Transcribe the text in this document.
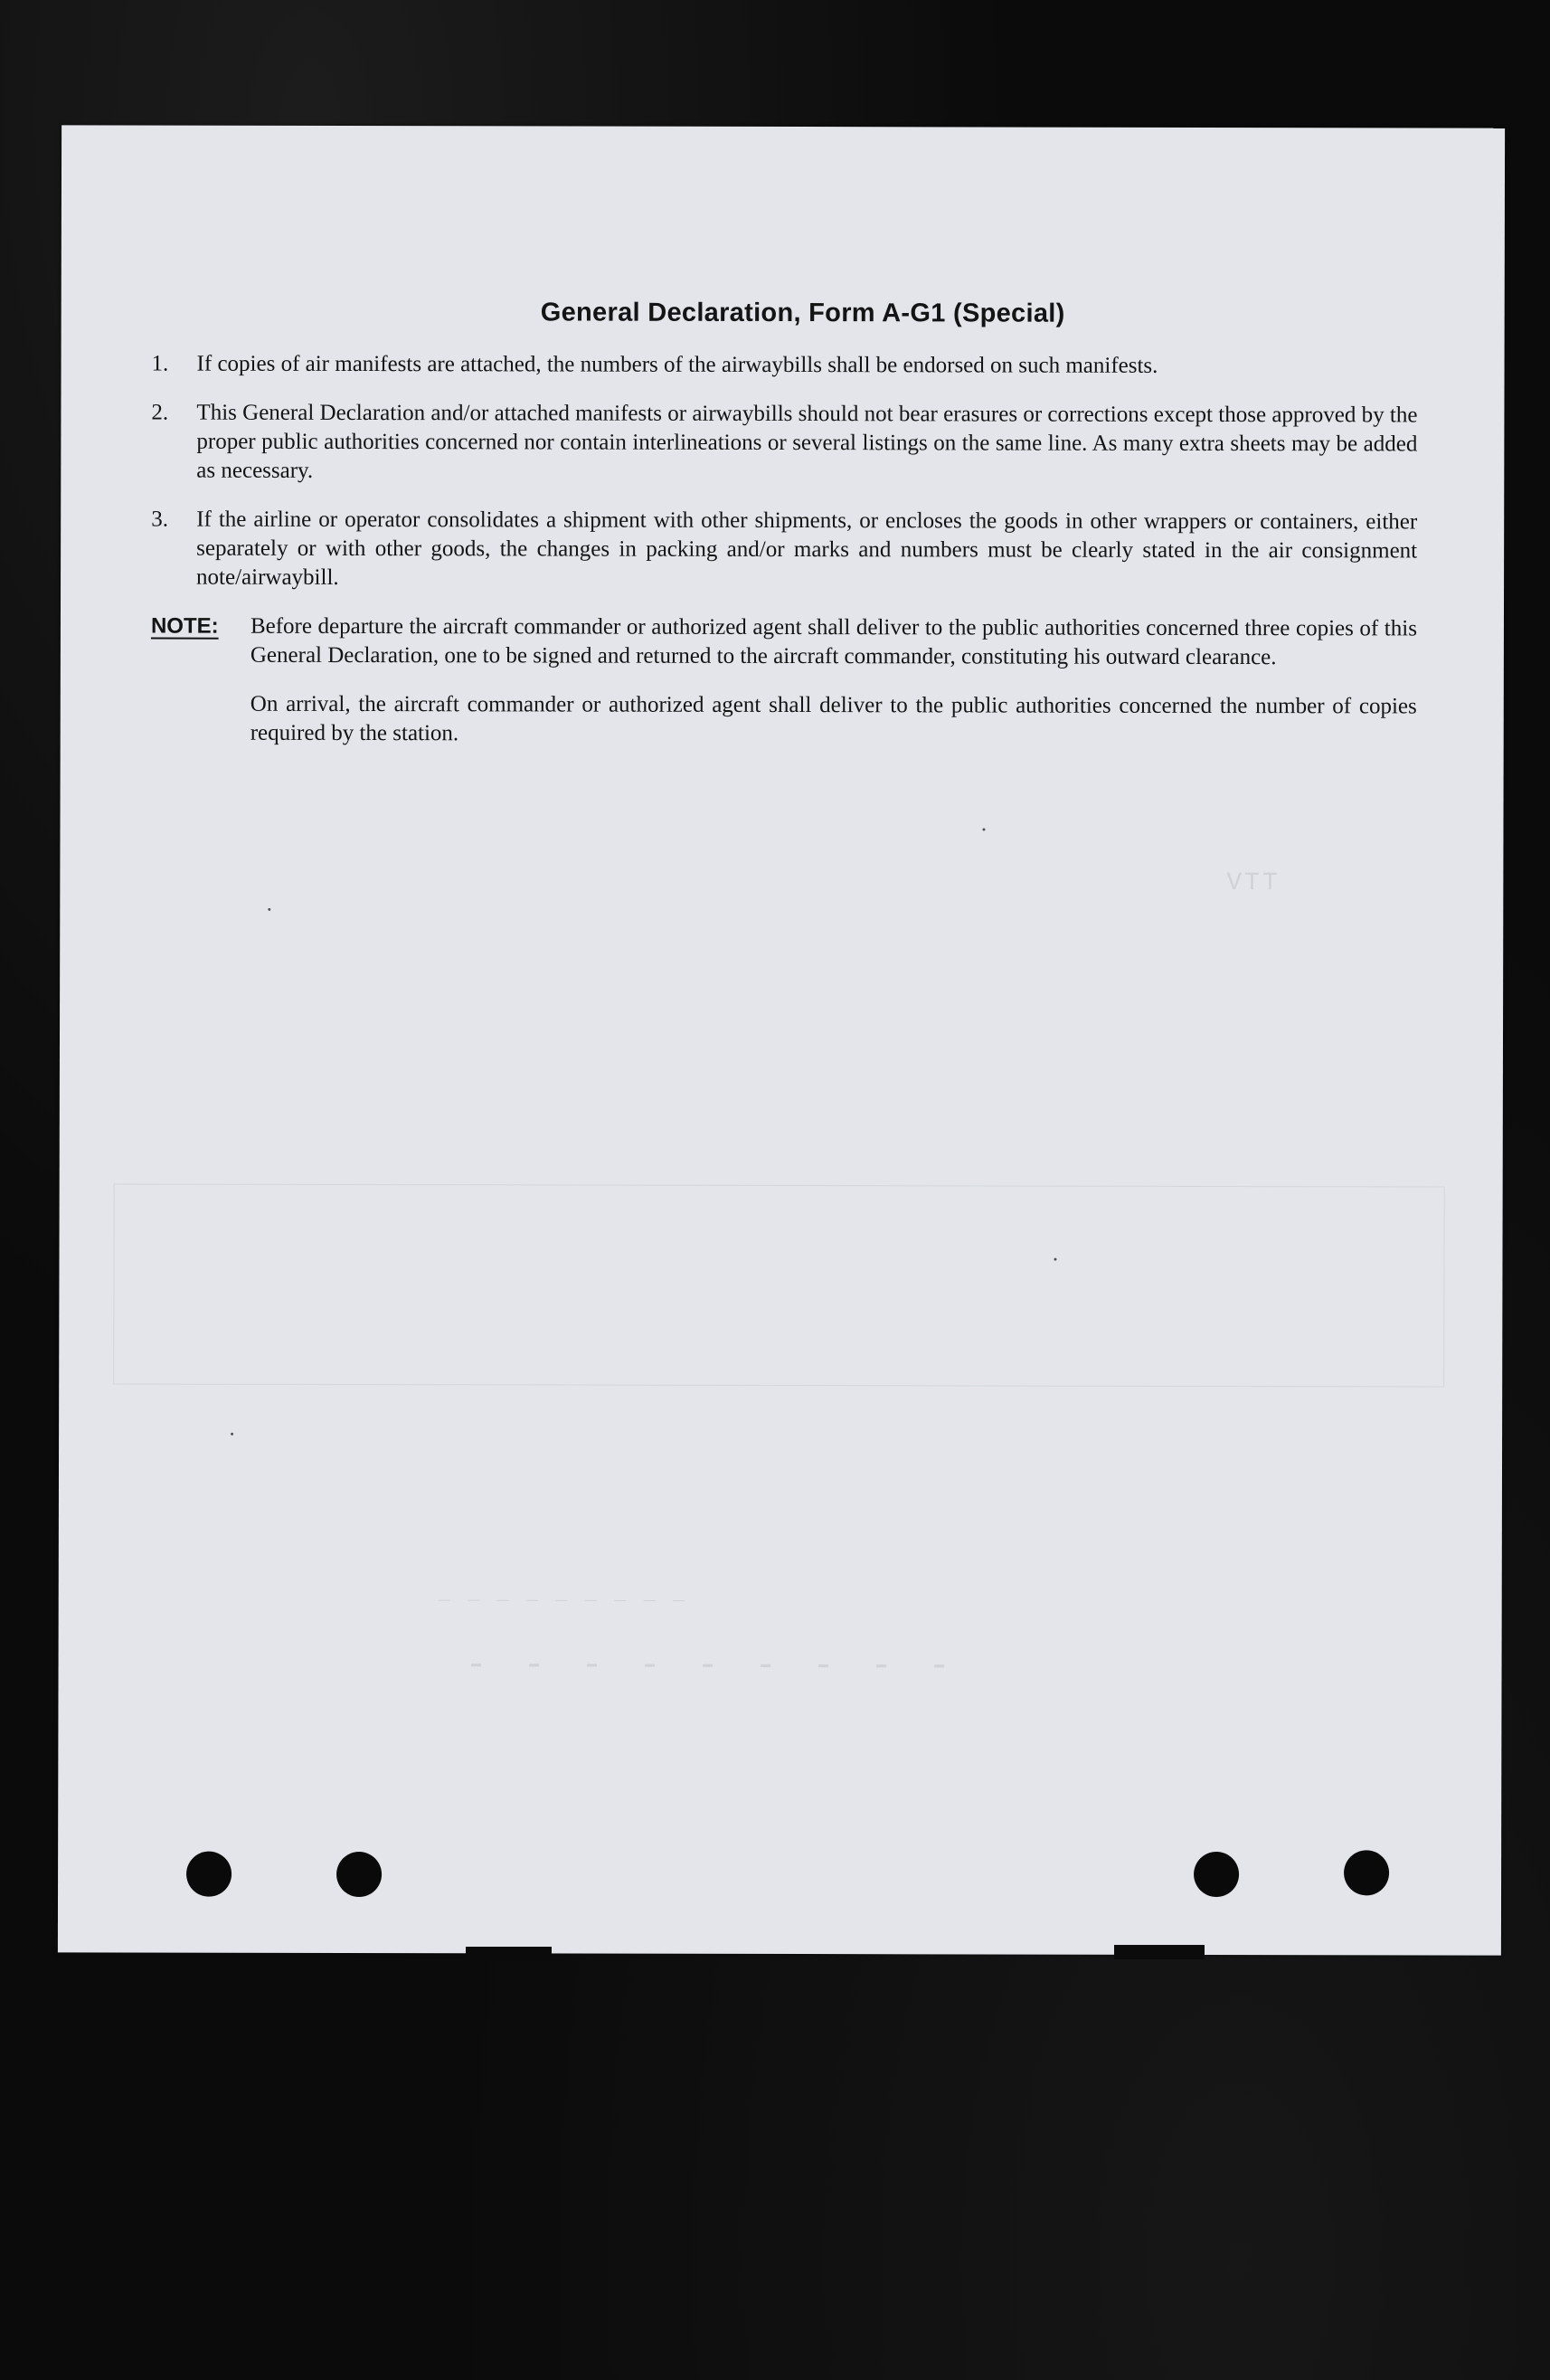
VTT
_ _ _ _ _ _ _ _ _
- - - - - - - - -
General Declaration, Form A-G1 (Special)
1.	If copies of air manifests are attached, the numbers of the airwaybills shall be endorsed on such manifests.
2.	This General Declaration and/or attached manifests or airwaybills should not bear erasures or corrections except those approved by the proper public authorities concerned nor contain interlineations or several listings on the same line. As many extra sheets may be added as necessary.
3.	If the airline or operator consolidates a shipment with other shipments, or encloses the goods in other wrappers or containers, either separately or with other goods, the changes in packing and/or marks and numbers must be clearly stated in the air consignment note/airwaybill.
NOTE:	Before departure the aircraft commander or authorized agent shall deliver to the public authorities concerned three copies of this General Declaration, one to be signed and returned to the aircraft commander, constituting his outward clearance.

On arrival, the aircraft commander or authorized agent shall deliver to the public authorities concerned the number of copies required by the station.
